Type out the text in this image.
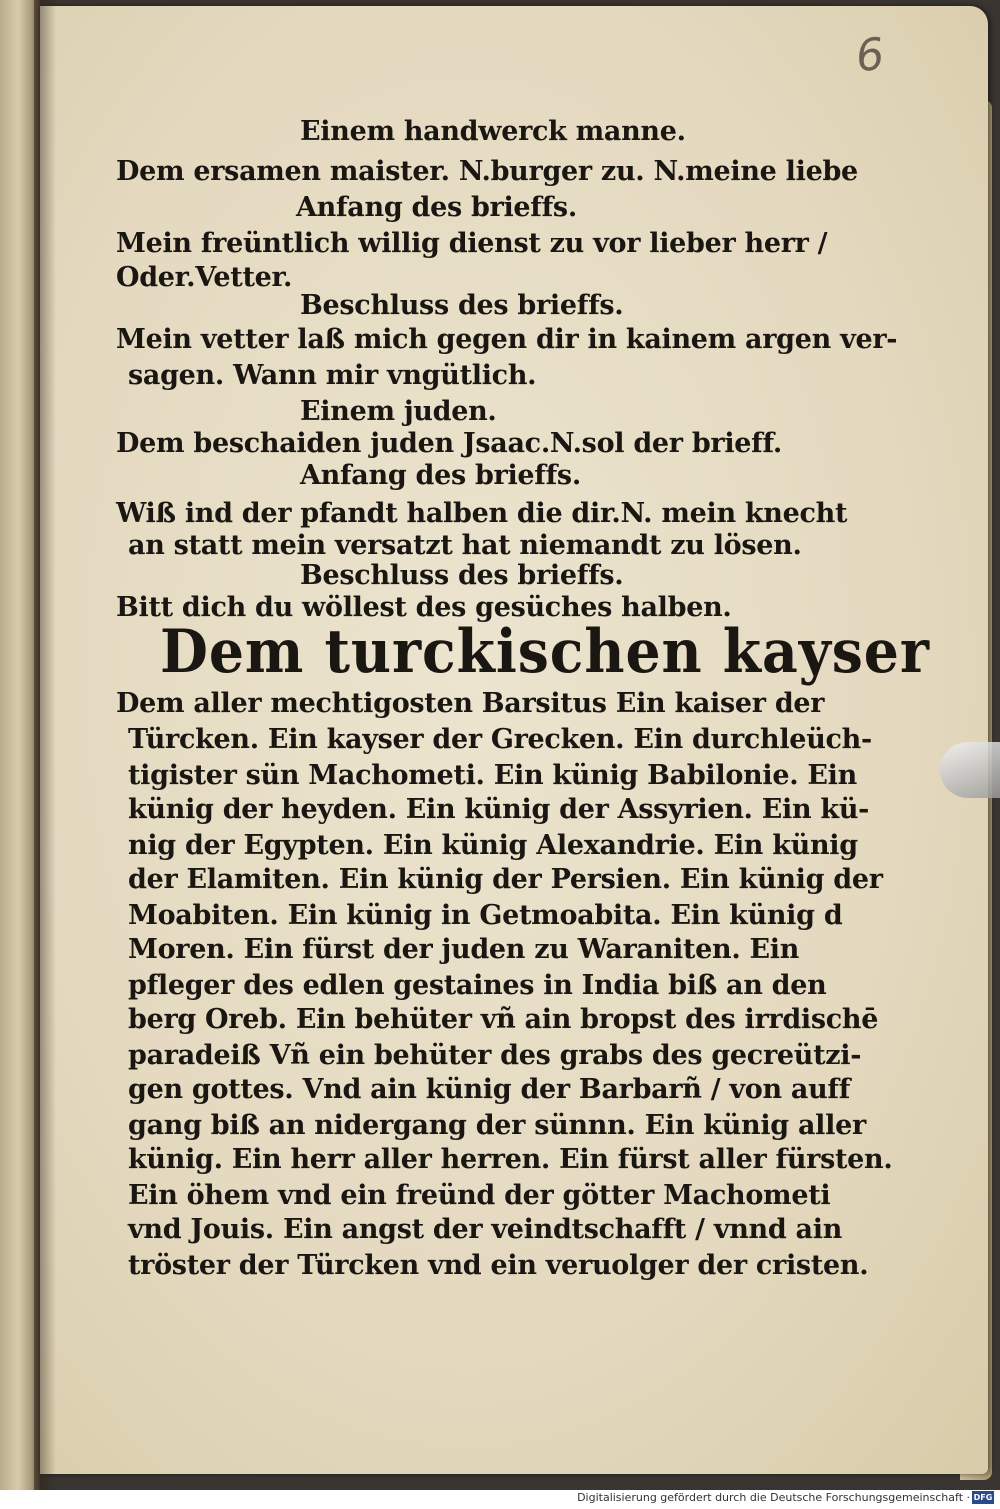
6
Einem handwerck manne.
Dem ersamen maister. N.burger zu. N.meine liebe
Anfang des brieffs.
Mein freüntlich willig dienst zu vor lieber herr /
Oder.Vetter.
Beschluss des brieffs.
Mein vetter laß mich gegen dir in kainem argen ver-
sagen. Wann mir vngütlich.
Einem juden.
Dem beschaiden juden Jsaac.N.sol der brieff.
Anfang des brieffs.
Wiß ind der pfandt halben die dir.N. mein knecht
an statt mein versatzt hat niemandt zu lösen.
Beschluss des brieffs.
Bitt dich du wöllest des gesüches halben.
Dem turckischen kayser
Dem aller mechtigosten Barsitus Ein kaiser der
Türcken. Ein kayser der Grecken. Ein durchleüch-
tigister sün Machometi. Ein künig Babilonie. Ein
künig der heyden. Ein künig der Assyrien. Ein kü-
nig der Egypten. Ein künig Alexandrie. Ein künig
der Elamiten. Ein künig der Persien. Ein künig der
Moabiten. Ein künig in Getmoabita. Ein künig d
Moren. Ein fürst der juden zu Waraniten. Ein
pfleger des edlen gestaines in India biß an den
berg Oreb. Ein behüter vñ ain bropst des irrdischē
paradeiß Vñ ein behüter des grabs des gecreützi-
gen gottes. Vnd ain künig der Barbarñ / von auff
gang biß an nidergang der sünnn. Ein künig aller
künig. Ein herr aller herren. Ein fürst aller fürsten.
Ein öhem vnd ein freünd der götter Machometi
vnd Jouis. Ein angst der veindtschafft / vnnd ain
tröster der Türcken vnd ein veruolger der cristen.
Digitalisierung gefördert durch die Deutsche Forschungsgemeinschaft · DFG
